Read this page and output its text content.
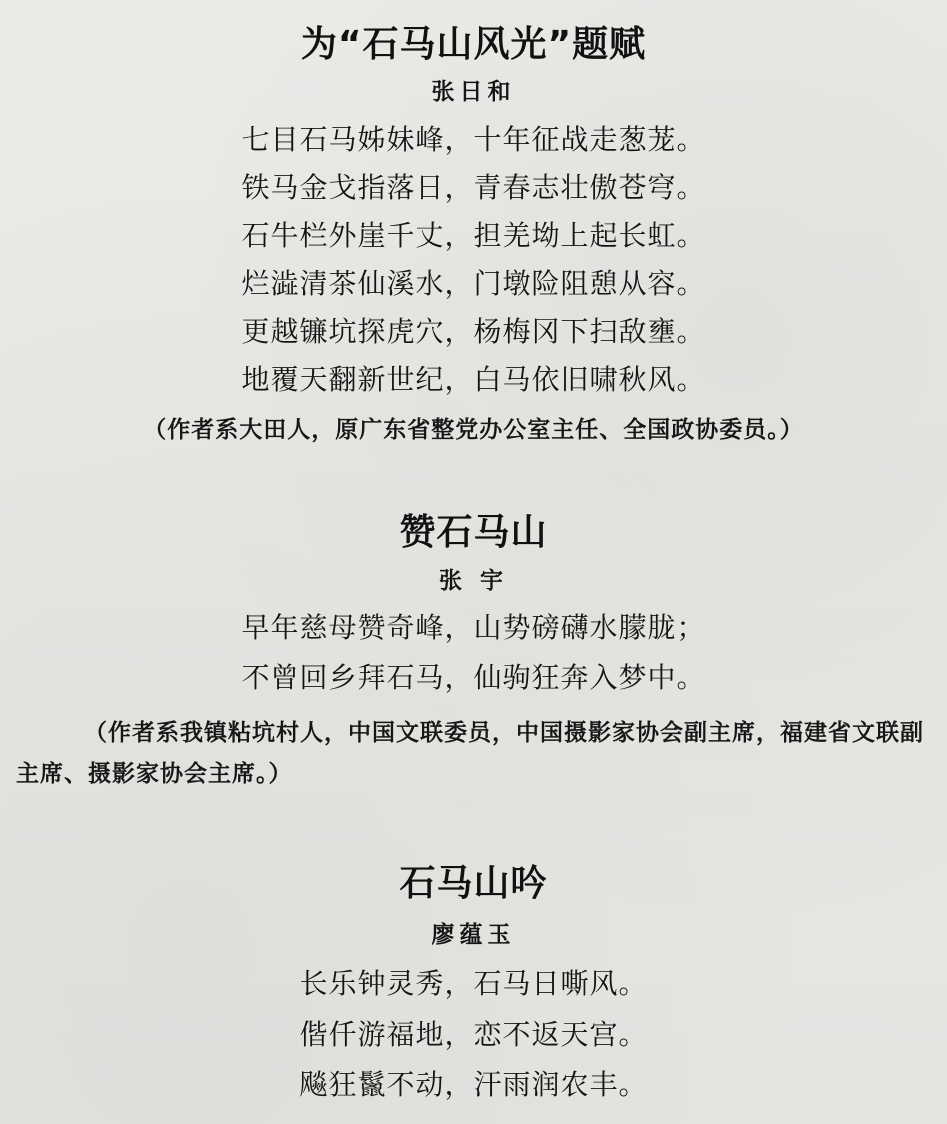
为“石马山风光”题赋
张日和
七目石马姊妹峰，十年征战走葱茏。
铁马金戈指落日，青春志壮傲苍穹。
石牛栏外崖千丈，担羌坳上起长虹。
烂澁清茶仙溪水，门墩险阻憩从容。
更越镰坑探虎穴，杨梅冈下扫敌壅。
地覆天翻新世纪，白马依旧啸秋风。
（作者系大田人，原广东省整党办公室主任、全国政协委员。）
赞石马山
张 宇
早年慈母赞奇峰，山势磅礴水朦胧；
不曾回乡拜石马，仙驹狂奔入梦中。
（作者系我镇粘坑村人，中国文联委员，中国摄影家协会副主席，福建省文联副主席、摄影家协会主席。）
石马山吟
廖蕴玉
长乐钟灵秀，石马日嘶风。
偕仟游福地，恋不返天宫。
飚狂鬣不动，汗雨润农丰。
